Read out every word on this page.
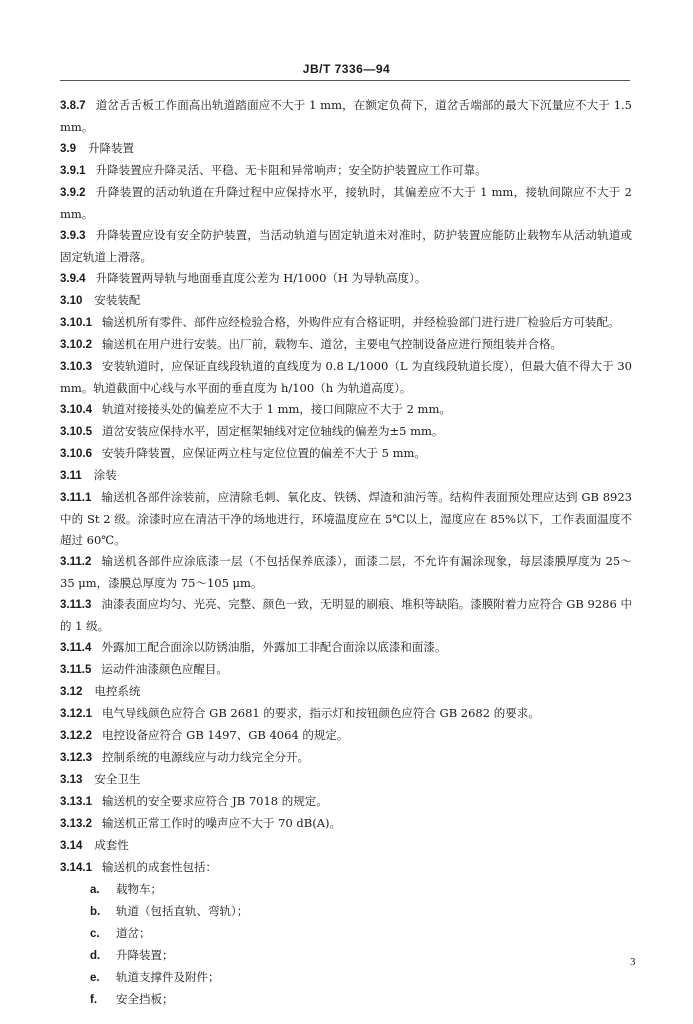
JB/T 7336—94

3.8.7 道岔舌舌板工作面高出轨道踏面应不大于 1 mm，在额定负荷下，道岔舌端部的最大下沉量应不大于 1.5 mm。

3.9 升降装置

3.9.1 升降装置应升降灵活、平稳、无卡阻和异常响声；安全防护装置应工作可靠。

3.9.2 升降装置的活动轨道在升降过程中应保持水平，接轨时，其偏差应不大于 1 mm，接轨间隙应不大于 2 mm。

3.9.3 升降装置应设有安全防护装置，当活动轨道与固定轨道未对准时，防护装置应能防止载物车从活动轨道或固定轨道上滑落。

3.9.4 升降装置两导轨与地面垂直度公差为 H/1000（H 为导轨高度）。

3.10 安装装配

3.10.1 输送机所有零件、部件应经检验合格，外购件应有合格证明，并经检验部门进行进厂检验后方可装配。

3.10.2 输送机在用户进行安装。出厂前，载物车、道岔，主要电气控制设备应进行预组装并合格。

3.10.3 安装轨道时，应保证直线段轨道的直线度为 0.8 L/1000（L 为直线段轨道长度），但最大值不得大于 30 mm。轨道截面中心线与水平面的垂直度为 h/100（h 为轨道高度）。

3.10.4 轨道对接接头处的偏差应不大于 1 mm，接口间隙应不大于 2 mm。

3.10.5 道岔安装应保持水平，固定框架轴线对定位轴线的偏差为±5 mm。

3.10.6 安装升降装置，应保证两立柱与定位位置的偏差不大于 5 mm。

3.11 涂装

3.11.1 输送机各部件涂装前，应清除毛刺、氧化皮、铁锈、焊渣和油污等。结构件表面预处理应达到 GB 8923 中的 St 2 级。涂漆时应在清洁干净的场地进行，环境温度应在 5℃以上，湿度应在 85%以下，工作表面温度不超过 60℃。

3.11.2 输送机各部件应涂底漆一层（不包括保养底漆），面漆二层，不允许有漏涂现象，每层漆膜厚度为 25～35 μm，漆膜总厚度为 75～105 μm。

3.11.3 油漆表面应均匀、光亮、完整、颜色一致，无明显的刷痕、堆积等缺陷。漆膜附着力应符合 GB 9286 中的 1 级。

3.11.4 外露加工配合面涂以防锈油脂，外露加工非配合面涂以底漆和面漆。

3.11.5 运动件油漆颜色应醒目。

3.12 电控系统

3.12.1 电气导线颜色应符合 GB 2681 的要求，指示灯和按钮颜色应符合 GB 2682 的要求。

3.12.2 电控设备应符合 GB 1497、GB 4064 的规定。

3.12.3 控制系统的电源线应与动力线完全分开。

3.13 安全卫生

3.13.1 输送机的安全要求应符合 JB 7018 的规定。

3.13.2 输送机正常工作时的噪声应不大于 70 dB(A)。

3.14 成套性

3.14.1 输送机的成套性包括：

a. 载物车；

b. 轨道（包括直轨、弯轨）；

c. 道岔；

d. 升降装置；

e. 轨道支撑件及附件；

f. 安全挡板；

3
